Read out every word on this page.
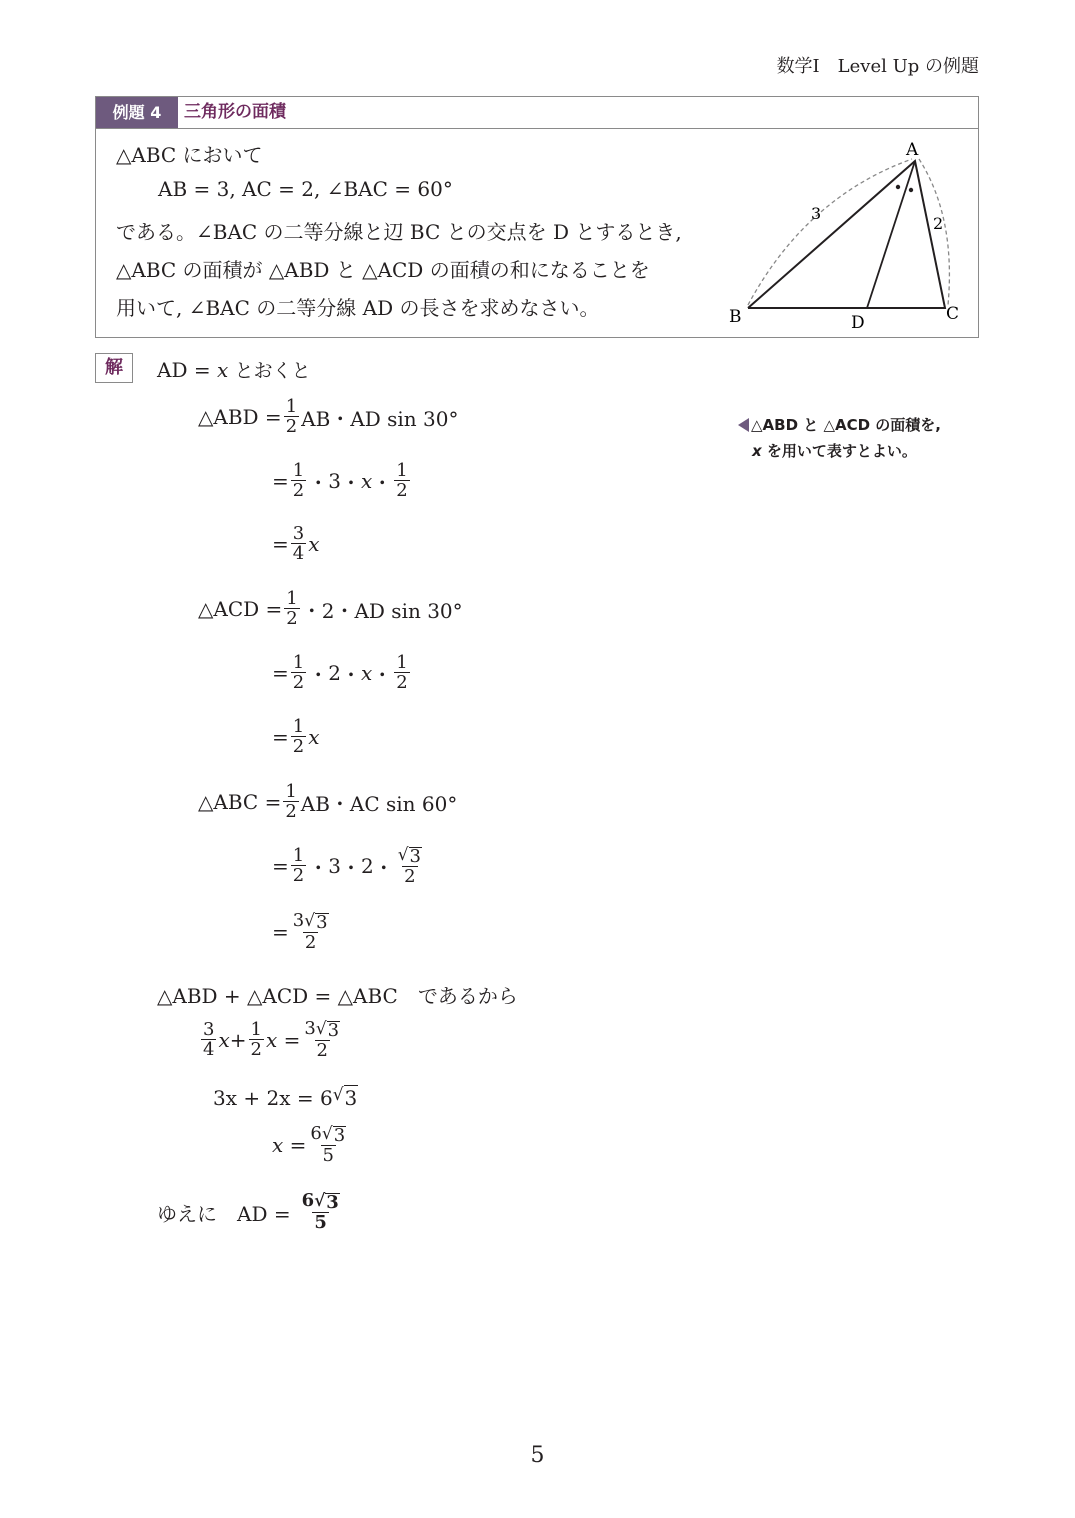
数学Ⅰ　Level Up の例題
例題 4	三角形の面積
△ABC において
AB = 3, AC = 2, ∠BAC = 60°
である。∠BAC の二等分線と辺 BC との交点を D とするとき,
△ABC の面積が △ABD と △ACD の面積の和になることを
用いて, ∠BAC の二等分線 AD の長さを求めなさい。
A
B	C
D
3
2
解	AD =
x
とおくと
△ABD
= $\frac{1}{2}$ AB・AD sin 30°
= $\frac{1}{2}$ ・ 3 ・ x ・ 1
2
= $\frac{3}{4}$ x
△ACD
= $\frac{1}{2}$ ・2・AD sin 30°
= $\frac{1}{2}$ ・ 2 ・ x ・ 1
2
= $\frac{1}{2}$ x
△ABC
= $\frac{1}{2}$ AB・AC sin 60°
= $\frac{1}{2}$ ・ 3 ・ 2 ・
√ 3
2
= $\frac{3 √ 3}{2}$
△ABD + △ACD = △ABC　であるから
3
4 $x + \frac{1}{2}$ x
= $\frac{3 √ 3}{2}$
3x + 2x
=
6 √ 3
x
= $\frac{6 √ 3}{5}$
ゆえに　AD =
$\frac{6 √ 3}{5}$
△ABD と △ACD の面積を,
x を用いて表すとよい。
5
